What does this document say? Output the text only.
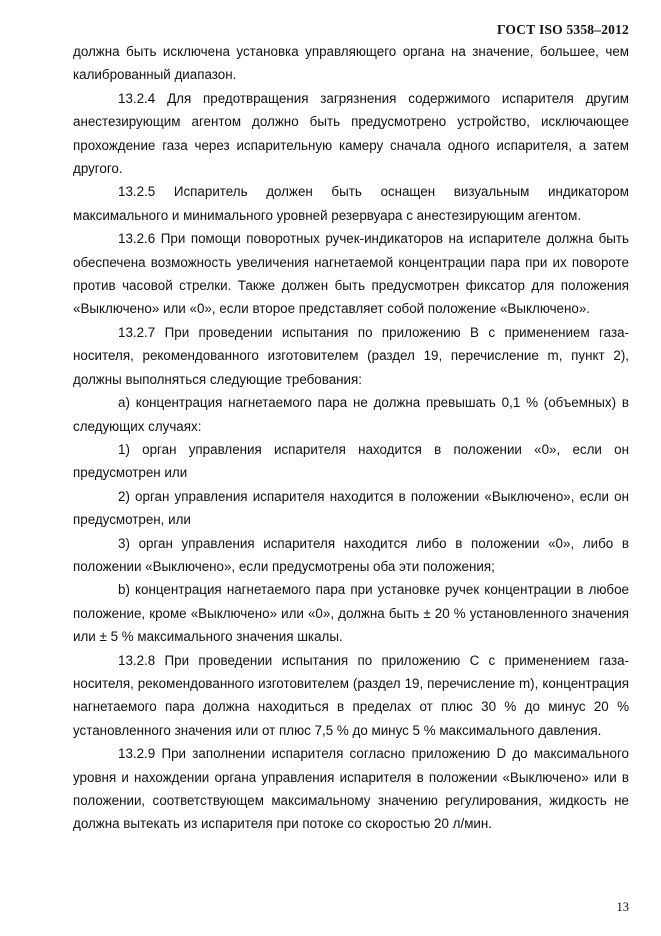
ГОСТ ISO 5358–2012

должна быть исключена установка управляющего органа на значение, большее, чем калиброванный диапазон.

13.2.4 Для предотвращения загрязнения содержимого испарителя другим анестезирующим агентом должно быть предусмотрено устройство, исключающее прохождение газа через испарительную камеру сначала одного испарителя, а затем другого.

13.2.5 Испаритель должен быть оснащен визуальным индикатором максимального и минимального уровней резервуара с анестезирующим агентом.

13.2.6 При помощи поворотных ручек-индикаторов на испарителе должна быть обеспечена возможность увеличения нагнетаемой концентрации пара при их повороте против часовой стрелки. Также должен быть предусмотрен фиксатор для положения «Выключено» или «0», если второе представляет собой положение «Выключено».

13.2.7 При проведении испытания по приложению B с применением газа-носителя, рекомендованного изготовителем (раздел 19, перечисление m, пункт 2), должны выполняться следующие требования:

a) концентрация нагнетаемого пара не должна превышать 0,1 % (объемных) в следующих случаях:

1) орган управления испарителя находится в положении «0», если он предусмотрен или

2) орган управления испарителя находится в положении «Выключено», если он предусмотрен, или

3) орган управления испарителя находится либо в положении «0», либо в положении «Выключено», если предусмотрены оба эти положения;

b) концентрация нагнетаемого пара при установке ручек концентрации в любое положение, кроме «Выключено» или «0», должна быть ± 20 % установленного значения или ± 5 % максимального значения шкалы.

13.2.8 При проведении испытания по приложению C с применением газа-носителя, рекомендованного изготовителем (раздел 19, перечисление m), концентрация нагнетаемого пара должна находиться в пределах от плюс 30 % до минус 20 % установленного значения или от плюс 7,5 % до минус 5 % максимального давления.

13.2.9 При заполнении испарителя согласно приложению D до максимального уровня и нахождении органа управления испарителя в положении «Выключено» или в положении, соответствующем максимальному значению регулирования, жидкость не должна вытекать из испарителя при потоке со скоростью 20 л/мин.

13
